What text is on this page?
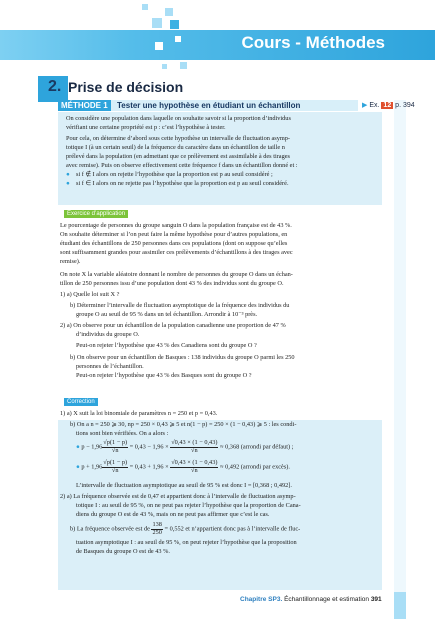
Cours - Méthodes
2. Prise de décision
MÉTHODE 1	Tester une hypothèse en étudiant un échantillon	▶ Ex. 12 p. 394
On considère une population dans laquelle on souhaite savoir si la proportion d’individus
vérifiant une certaine propriété est p : c’est l’hypothèse à tester.
Pour cela, on détermine d’abord sous cette hypothèse un intervalle de fluctuation asymp-
totique I (à un certain seuil) de la fréquence du caractère dans un échantillon de taille n
prélevé dans la population (en admettant que ce prélèvement est assimilable à des tirages
avec remise). Puis on observe effectivement cette fréquence f dans un échantillon donné et :
● si f ∉ I alors on rejette l’hypothèse que la proportion est p au seuil considéré ;
● si f ∈ I alors on ne rejette pas l’hypothèse que la proportion est p au seuil considéré.
Exercice d’application
Le pourcentage de personnes du groupe sanguin O dans la population française est de 43 %.
On souhaite déterminer si l’on peut faire la même hypothèse pour d’autres populations, en
étudiant des échantillons de 250 personnes dans ces populations (dont on suppose qu’elles
sont suffisamment grandes pour assimiler ces prélèvements d’échantillons à des tirages avec
remise).
On note X la variable aléatoire donnant le nombre de personnes du groupe O dans un échan-
tillon de 250 personnes issu d’une population dont 43 % des individus sont du groupe O.
1) a) Quelle loi suit X ?
b) Déterminer l’intervalle de fluctuation asymptotique de la fréquence des individus du
groupe O au seuil de 95 % dans un tel échantillon. Arrondir à 10⁻³ près.
2) a) On observe pour un échantillon de la population canadienne une proportion de 47 %
d’individus du groupe O.
Peut-on rejeter l’hypothèse que 43 % des Canadiens sont du groupe O ?
b) On observe pour un échantillon de Basques : 138 individus du groupe O parmi les 250
personnes de l’échantillon.
Peut-on rejeter l’hypothèse que 43 % des Basques sont du groupe O ?
Correction
1) a) X suit la loi binomiale de paramètres n = 250 et p = 0,43.
b) On a n = 250 ⩾ 30, np = 250 × 0,43 ⩾ 5 et n(1 − p) = 250 × (1 − 0,43) ⩾ 5 : les condi-
tions sont bien vérifiées. On a alors :
● $p - 1,96 \frac{√p(1 - p)}{√n} = 0,43 - 1,96 \times \frac{√0,43 \times (1 - 0,43)}{√n} \approx 0,368$ (arrondi par défaut) ;
● $p + 1,96 \frac{√p(1 - p)}{√n} = 0,43 + 1,96 \times \frac{√0,43 \times (1 - 0,43)}{√n} \approx 0,492$ (arrondi par excès).
L’intervalle de fluctuation asymptotique au seuil de 95 % est donc I = [0,368 ; 0,492].
2) a) La fréquence observée est de 0,47 et appartient donc à l’intervalle de fluctuation asymp-
totique I : au seuil de 95 %, on ne peut pas rejeter l’hypothèse que la proportion de Cana-
diens du groupe O est de 43 %, mais on ne peut pas affirmer que c’est le cas.
b) La fréquence observée est de $\frac{138}{250} = 0,552$ et n’appartient donc pas à l’intervalle de fluc-
tuation asymptotique I : au seuil de 95 %, on peut rejeter l’hypothèse que la proposition
de Basques du groupe O est de 43 %.
Chapitre SP3. Échantillonnage et estimation 391
